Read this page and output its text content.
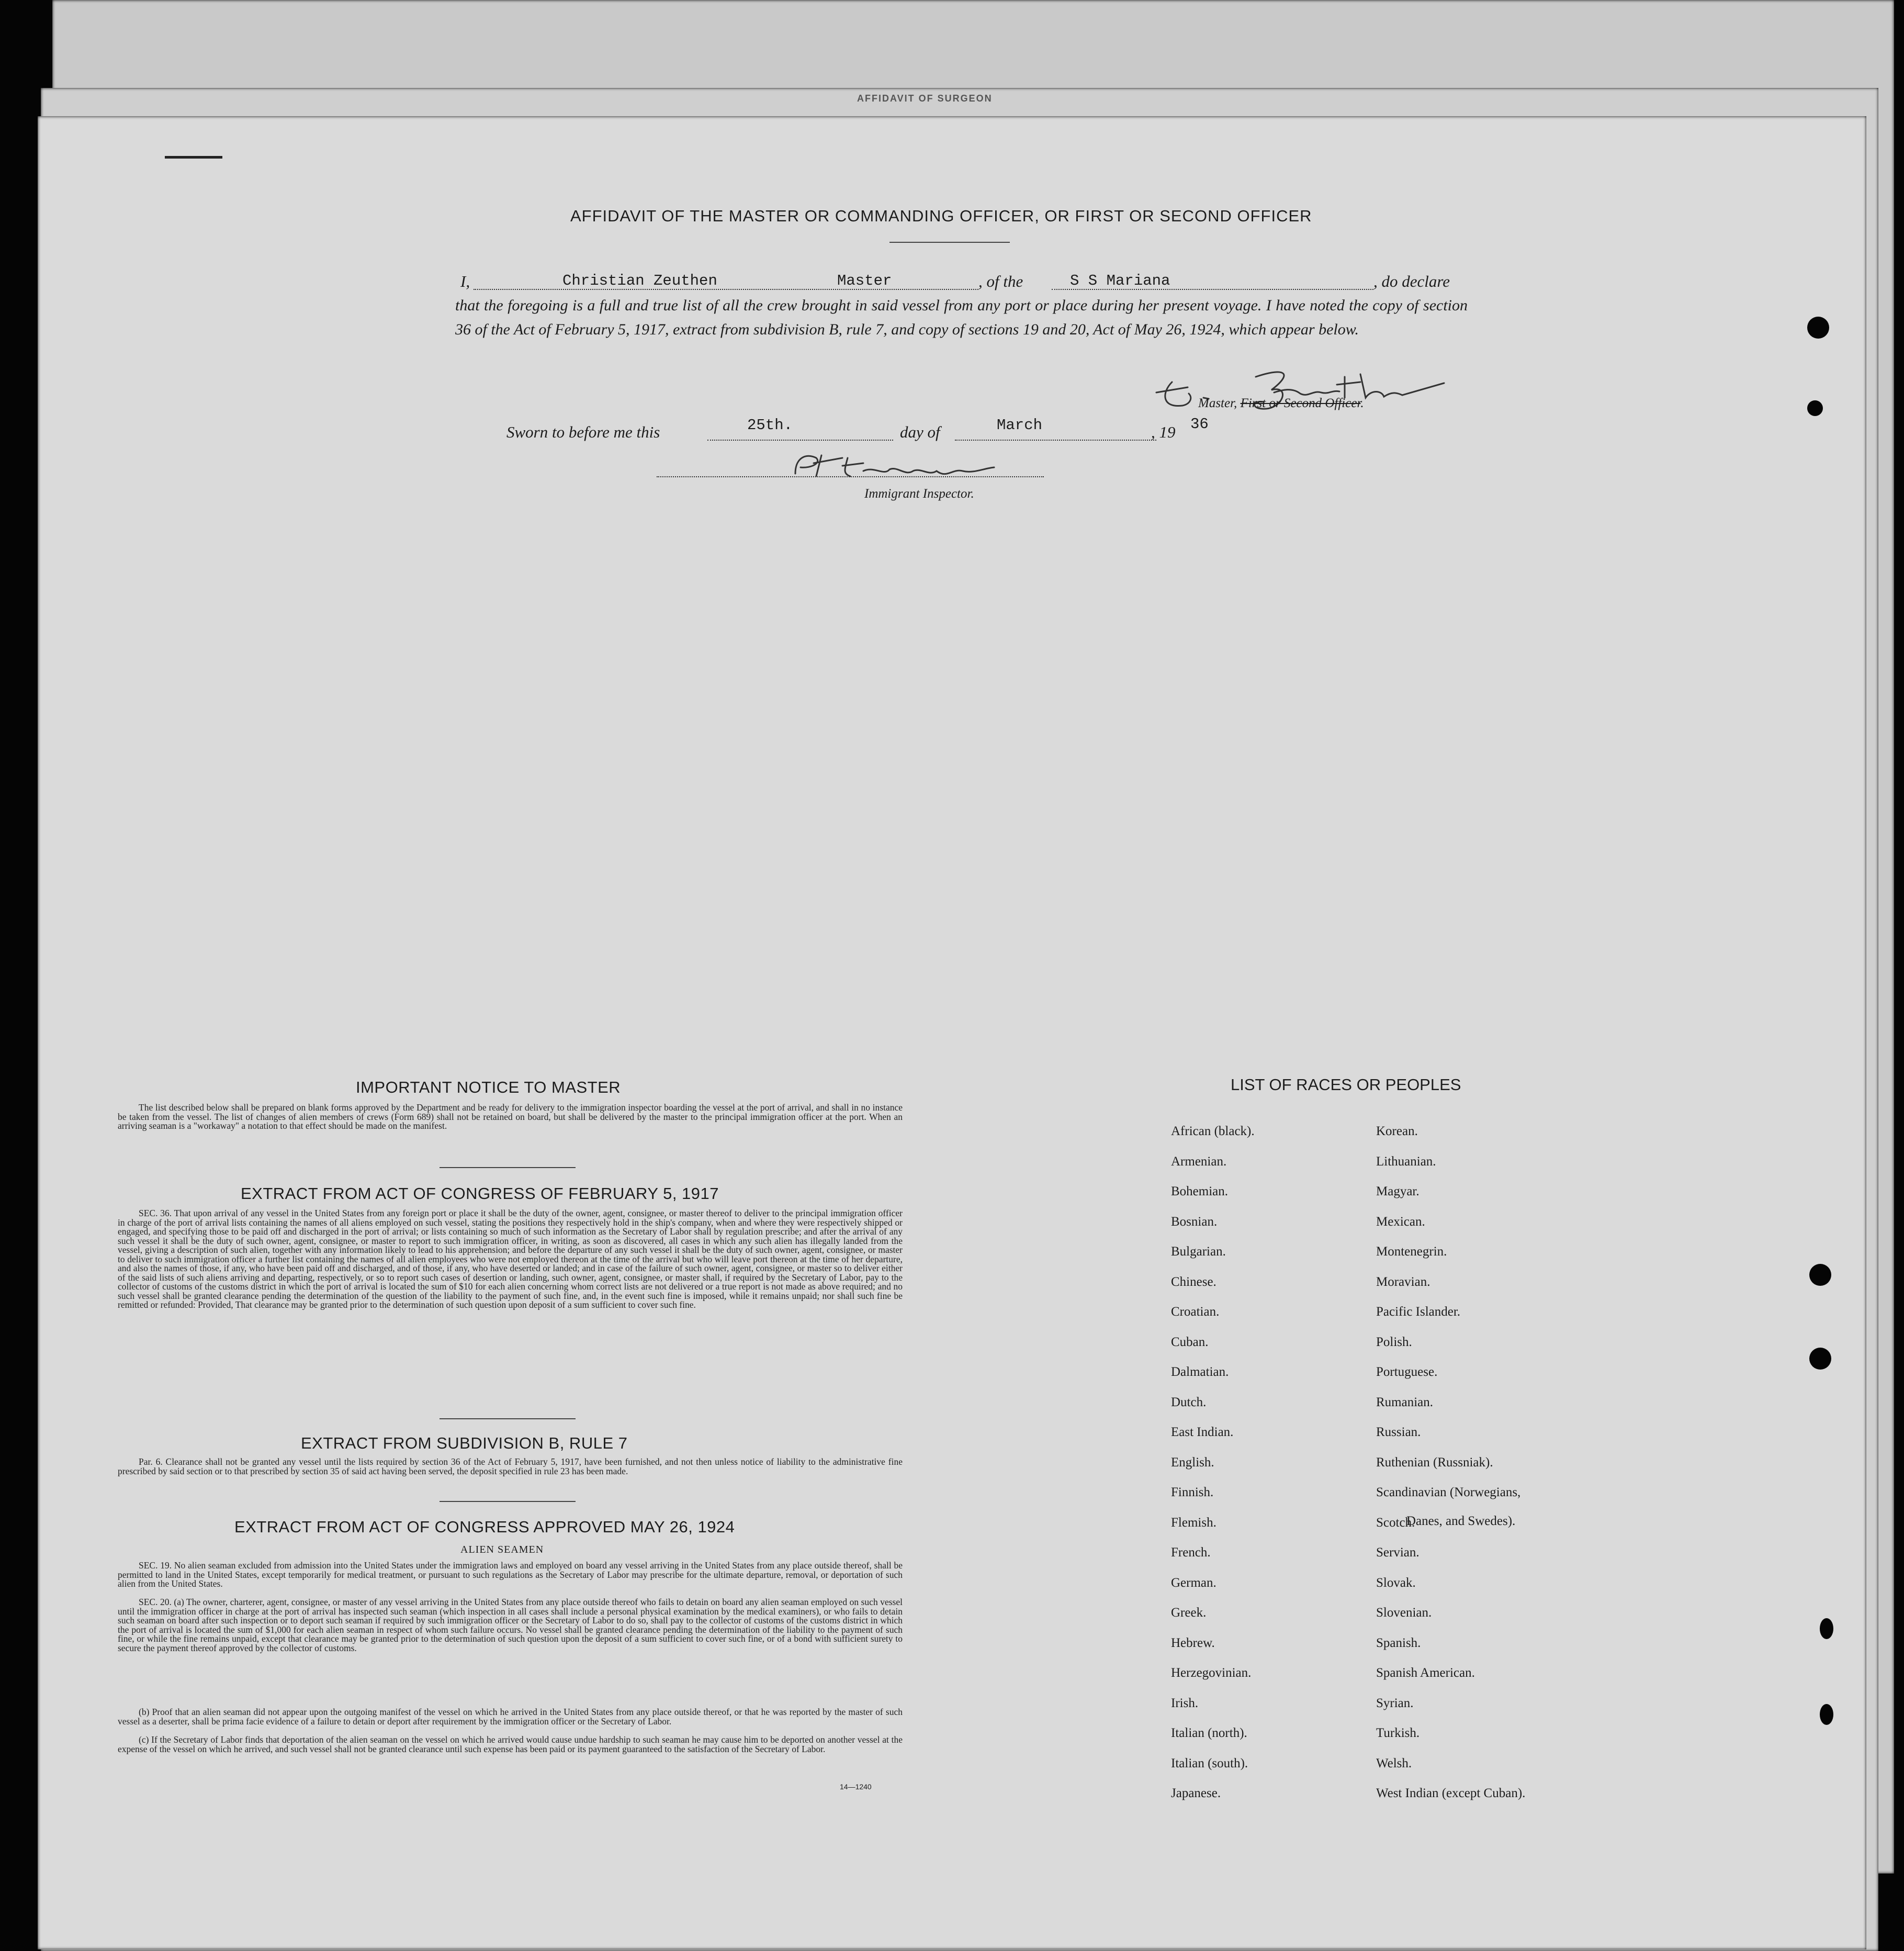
AFFIDAVIT OF SURGEON
AFFIDAVIT OF THE MASTER OR COMMANDING OFFICER, OR FIRST OR SECOND OFFICER
I,	Christian Zeuthen	Master	, of the	S S Mariana	, do declare
that the foregoing is a full and true list of all the crew brought in said vessel from any port or place during her present voyage. I have noted the copy of section 36 of the Act of February 5, 1917, extract from subdivision B, rule 7, and copy of sections 19 and 20, Act of May 26, 1924, which appear below.
Master, First or Second Officer.
Sworn to before me this	25th.	day of	March	, 19 36
Immigrant Inspector.
IMPORTANT NOTICE TO MASTER
The list described below shall be prepared on blank forms approved by the Department and be ready for delivery to the immigration inspector boarding the vessel at the port of arrival, and shall in no instance be taken from the vessel. The list of changes of alien members of crews (Form 689) shall not be retained on board, but shall be delivered by the master to the principal immigration officer at the port. When an arriving seaman is a "workaway" a notation to that effect should be made on the manifest.
EXTRACT FROM ACT OF CONGRESS OF FEBRUARY 5, 1917
SEC. 36. That upon arrival of any vessel in the United States from any foreign port or place it shall be the duty of the owner, agent, consignee, or master thereof to deliver to the principal immigration officer in charge of the port of arrival lists containing the names of all aliens employed on such vessel, stating the positions they respectively hold in the ship's company, when and where they were respectively shipped or engaged, and specifying those to be paid off and discharged in the port of arrival; or lists containing so much of such information as the Secretary of Labor shall by regulation prescribe; and after the arrival of any such vessel it shall be the duty of such owner, agent, consignee, or master to report to such immigration officer, in writing, as soon as discovered, all cases in which any such alien has illegally landed from the vessel, giving a description of such alien, together with any information likely to lead to his apprehension; and before the departure of any such vessel it shall be the duty of such owner, agent, consignee, or master to deliver to such immigration officer a further list containing the names of all alien employees who were not employed thereon at the time of the arrival but who will leave port thereon at the time of her departure, and also the names of those, if any, who have been paid off and discharged, and of those, if any, who have deserted or landed; and in case of the failure of such owner, agent, consignee, or master so to deliver either of the said lists of such aliens arriving and departing, respectively, or so to report such cases of desertion or landing, such owner, agent, consignee, or master shall, if required by the Secretary of Labor, pay to the collector of customs of the customs district in which the port of arrival is located the sum of $10 for each alien concerning whom correct lists are not delivered or a true report is not made as above required; and no such vessel shall be granted clearance pending the determination of the question of the liability to the payment of such fine, and, in the event such fine is imposed, while it remains unpaid; nor shall such fine be remitted or refunded: Provided, That clearance may be granted prior to the determination of such question upon deposit of a sum sufficient to cover such fine.
EXTRACT FROM SUBDIVISION B, RULE 7
Par. 6. Clearance shall not be granted any vessel until the lists required by section 36 of the Act of February 5, 1917, have been furnished, and not then unless notice of liability to the administrative fine prescribed by said section or to that prescribed by section 35 of said act having been served, the deposit specified in rule 23 has been made.
EXTRACT FROM ACT OF CONGRESS APPROVED MAY 26, 1924
ALIEN SEAMEN
SEC. 19. No alien seaman excluded from admission into the United States under the immigration laws and employed on board any vessel arriving in the United States from any place outside thereof, shall be permitted to land in the United States, except temporarily for medical treatment, or pursuant to such regulations as the Secretary of Labor may prescribe for the ultimate departure, removal, or deportation of such alien from the United States.
SEC. 20. (a) The owner, charterer, agent, consignee, or master of any vessel arriving in the United States from any place outside thereof who fails to detain on board any alien seaman employed on such vessel until the immigration officer in charge at the port of arrival has inspected such seaman (which inspection in all cases shall include a personal physical examination by the medical examiners), or who fails to detain such seaman on board after such inspection or to deport such seaman if required by such immigration officer or the Secretary of Labor to do so, shall pay to the collector of customs of the customs district in which the port of arrival is located the sum of $1,000 for each alien seaman in respect of whom such failure occurs. No vessel shall be granted clearance pending the determination of the liability to the payment of such fine, or while the fine remains unpaid, except that clearance may be granted prior to the determination of such question upon the deposit of a sum sufficient to cover such fine, or of a bond with sufficient surety to secure the payment thereof approved by the collector of customs.
(b) Proof that an alien seaman did not appear upon the outgoing manifest of the vessel on which he arrived in the United States from any place outside thereof, or that he was reported by the master of such vessel as a deserter, shall be prima facie evidence of a failure to detain or deport after requirement by the immigration officer or the Secretary of Labor.
(c) If the Secretary of Labor finds that deportation of the alien seaman on the vessel on which he arrived would cause undue hardship to such seaman he may cause him to be deported on another vessel at the expense of the vessel on which he arrived, and such vessel shall not be granted clearance until such expense has been paid or its payment guaranteed to the satisfaction of the Secretary of Labor.
14—1240
LIST OF RACES OR PEOPLES
African (black).
Armenian.
Bohemian.
Bosnian.
Bulgarian.
Chinese.
Croatian.
Cuban.
Dalmatian.
Dutch.
East Indian.
English.
Finnish.
Flemish.
French.
German.
Greek.
Hebrew.
Herzegovinian.
Irish.
Italian (north).
Italian (south).
Japanese.
Korean.
Lithuanian.
Magyar.
Mexican.
Montenegrin.
Moravian.
Pacific Islander.
Polish.
Portuguese.
Rumanian.
Russian.
Ruthenian (Russniak).
Scandinavian (Norwegians,
Scotch.
Servian.
Slovak.
Slovenian.
Spanish.
Spanish American.
Syrian.
Turkish.
Welsh.
West Indian (except Cuban).
Danes, and Swedes).
